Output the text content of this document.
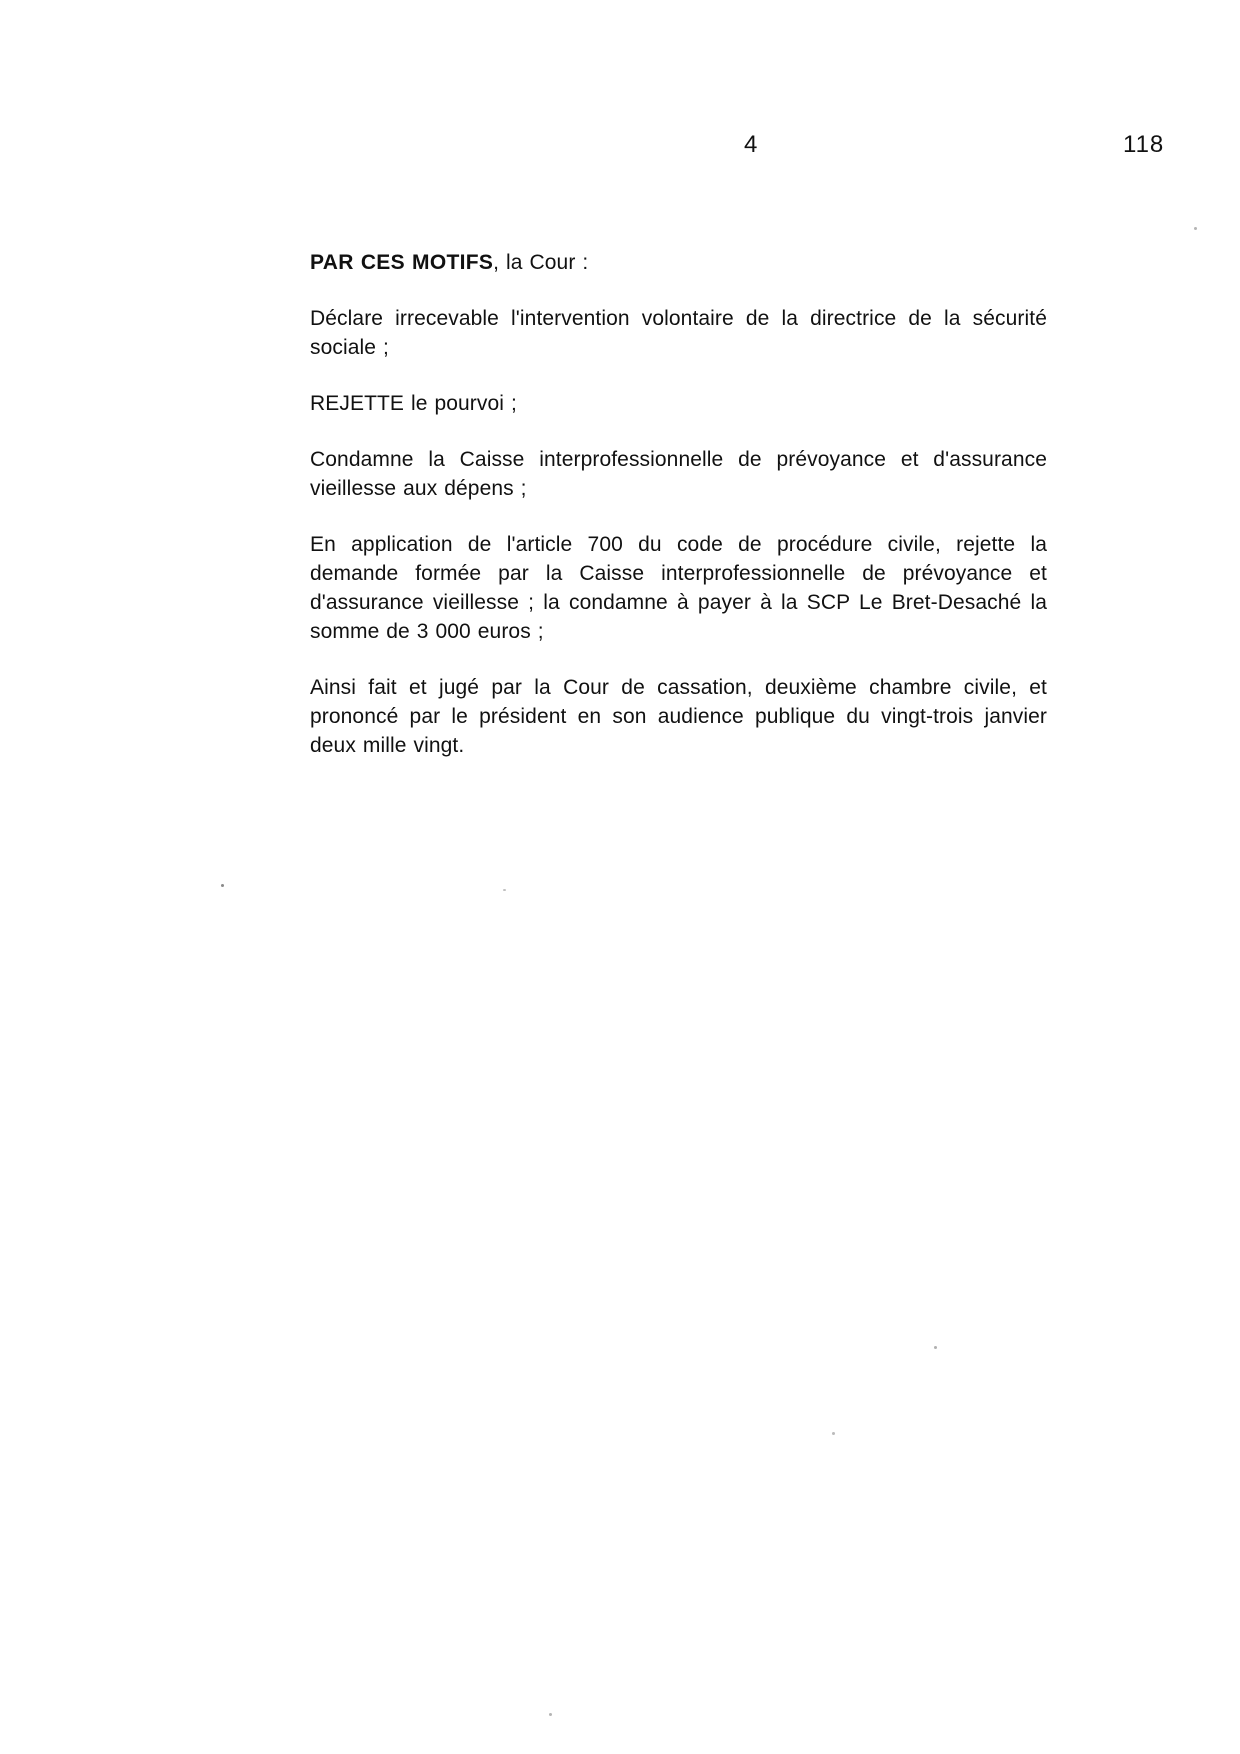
4	118

PAR CES MOTIFS, la Cour :

Déclare irrecevable l'intervention volontaire de la directrice de la sécurité sociale ;

REJETTE le pourvoi ;

Condamne la Caisse interprofessionnelle de prévoyance et d'assurance vieillesse aux dépens ;

En application de l'article 700 du code de procédure civile, rejette la demande formée par la Caisse interprofessionnelle de prévoyance et d'assurance vieillesse ; la condamne à payer à la SCP Le Bret-Desaché la somme de 3 000 euros ;

Ainsi fait et jugé par la Cour de cassation, deuxième chambre civile, et prononcé par le président en son audience publique du vingt-trois janvier deux mille vingt.
